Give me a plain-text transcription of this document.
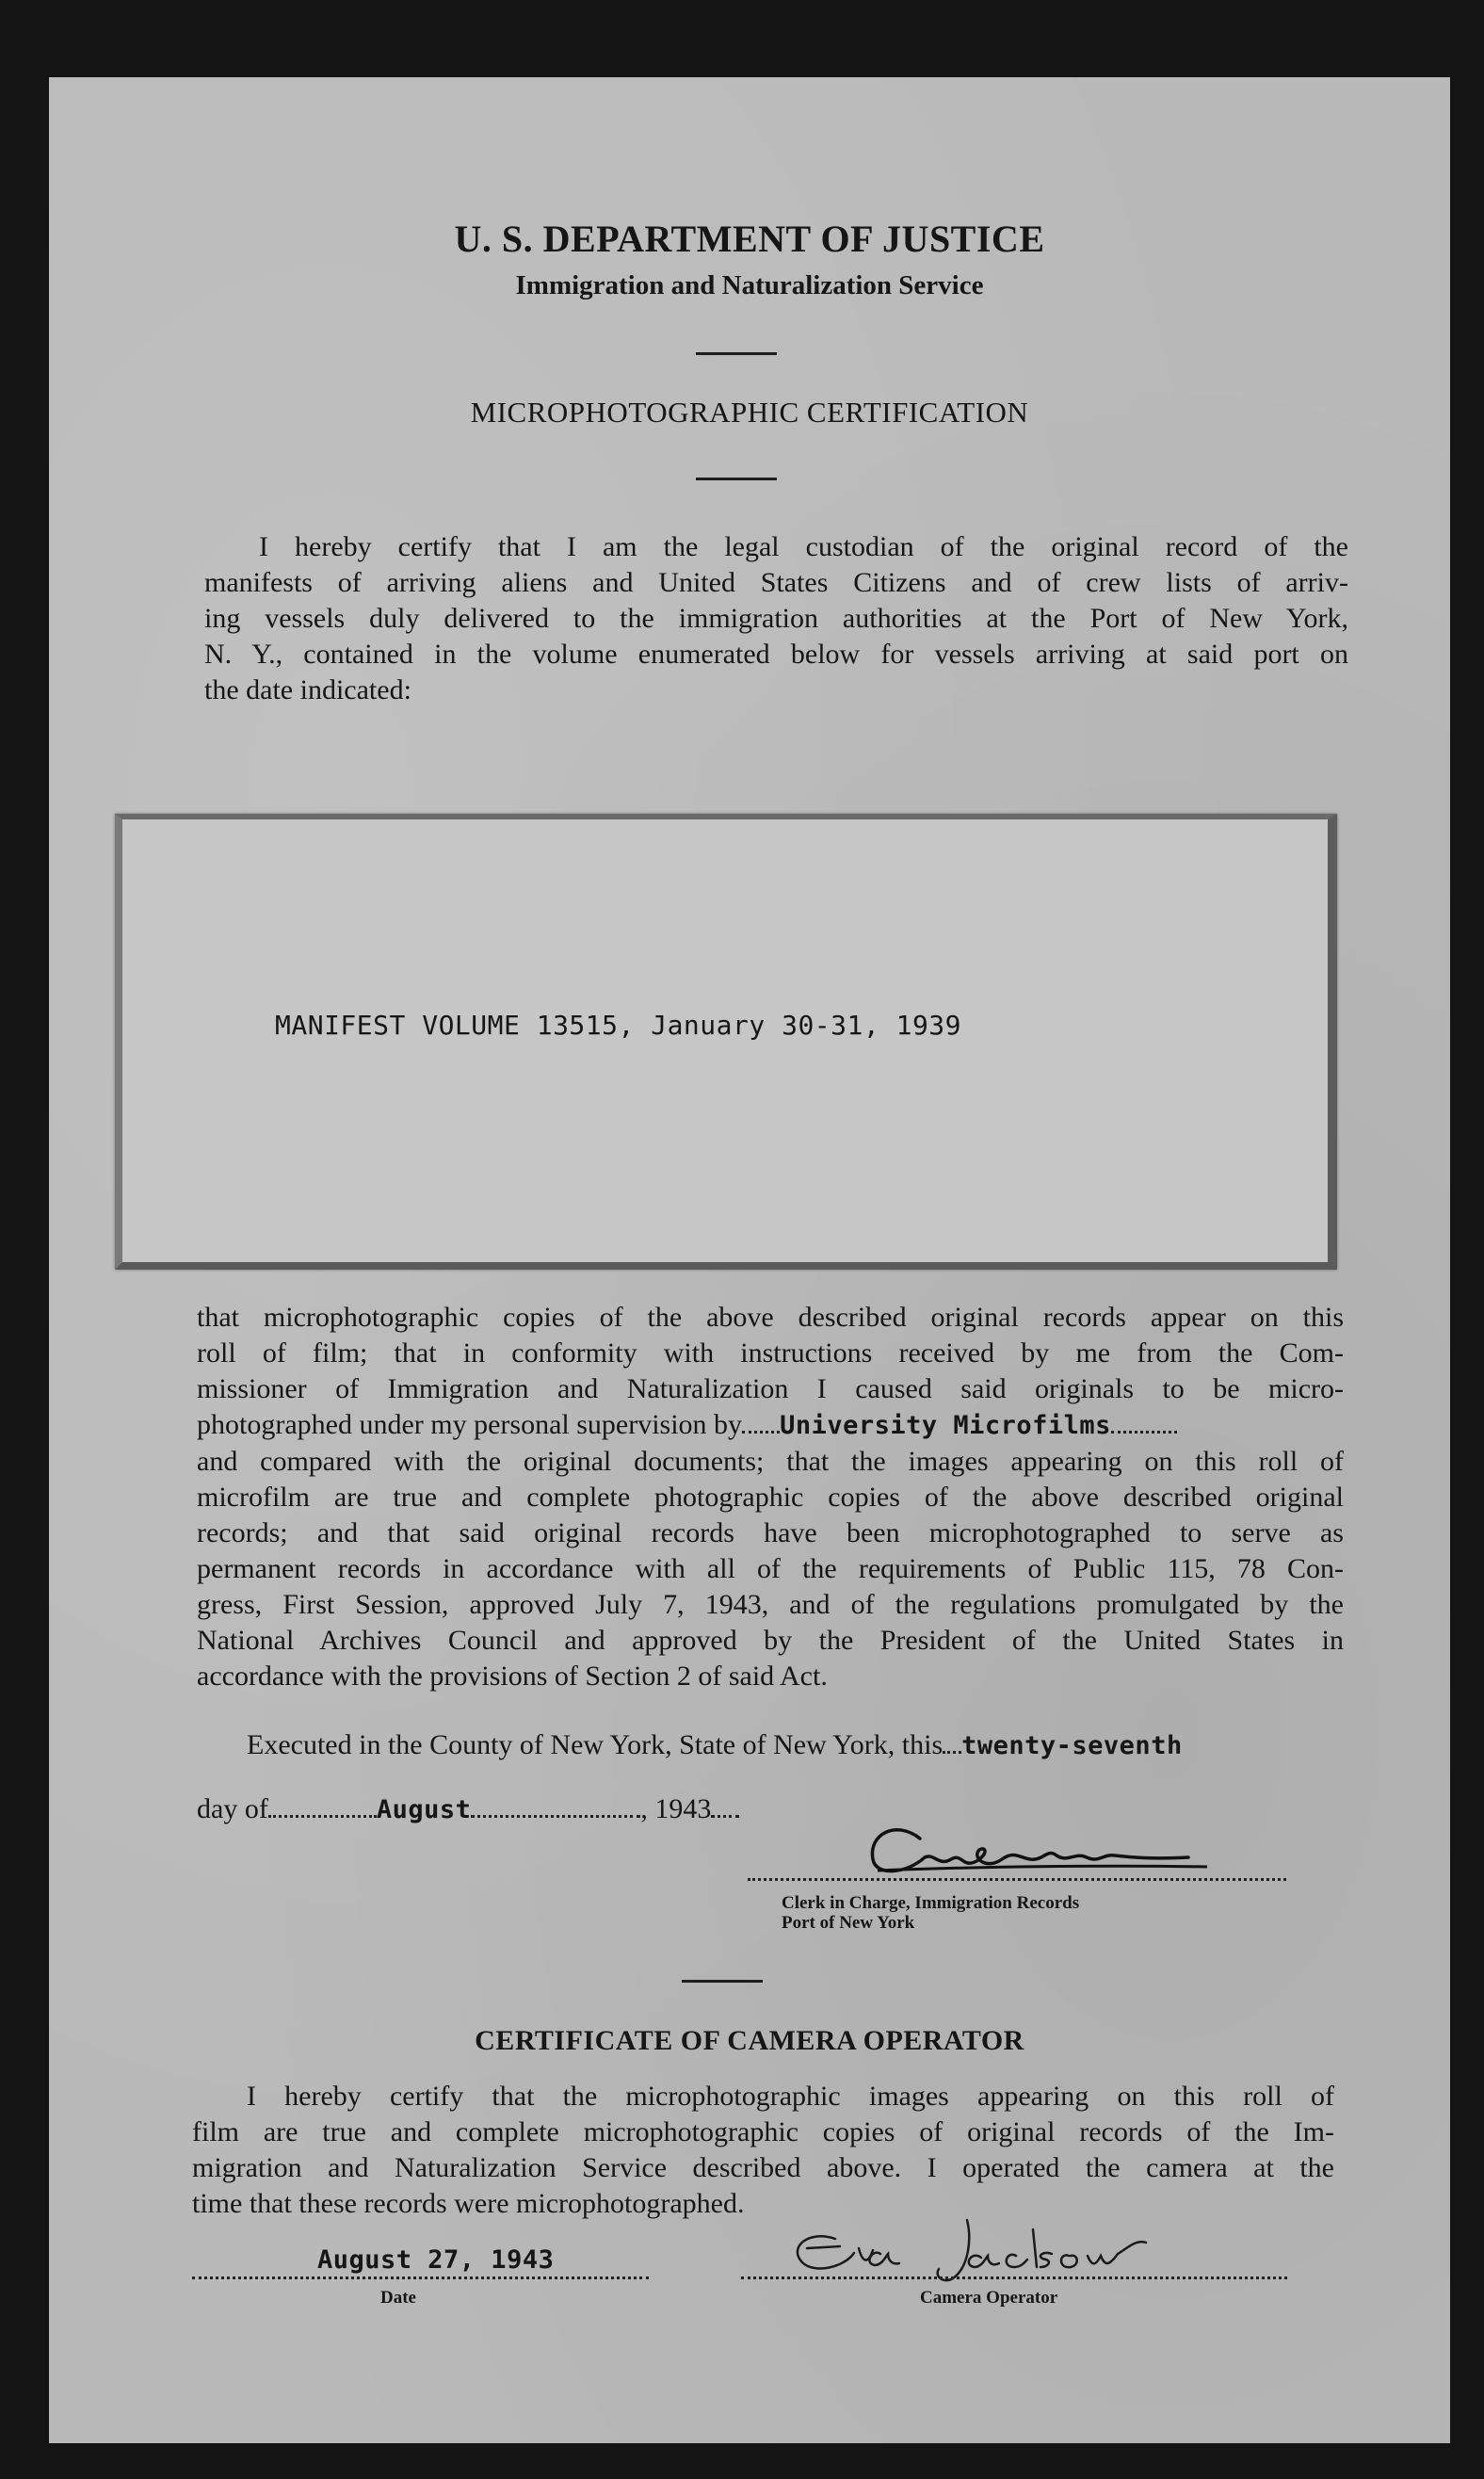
U. S. DEPARTMENT OF JUSTICE
Immigration and Naturalization Service
MICROPHOTOGRAPHIC CERTIFICATION
I hereby certify that I am the legal custodian of the original record of the
manifests of arriving aliens and United States Citizens and of crew lists of arriv-
ing vessels duly delivered to the immigration authorities at the Port of New York,
N. Y., contained in the volume enumerated below for vessels arriving at said port on
the date indicated:
MANIFEST VOLUME 13515, January 30-31, 1939
that microphotographic copies of the above described original records appear on this
roll of film; that in conformity with instructions received by me from the Com-
missioner of Immigration and Naturalization I caused said originals to be micro-
photographed under my personal supervision by University Microfilms
and compared with the original documents; that the images appearing on this roll of
microfilm are true and complete photographic copies of the above described original
records; and that said original records have been microphotographed to serve as
permanent records in accordance with all of the requirements of Public 115, 78 Con-
gress, First Session, approved July 7, 1943, and of the regulations promulgated by the
National Archives Council and approved by the President of the United States in
accordance with the provisions of Section 2 of said Act.
Executed in the County of New York, State of New York, this twenty-seventh
day of	August	, 1943
Clerk in Charge, Immigration Records
Port of New York
CERTIFICATE OF CAMERA OPERATOR
I hereby certify that the microphotographic images appearing on this roll of
film are true and complete microphotographic copies of original records of the Im-
migration and Naturalization Service described above. I operated the camera at the
time that these records were microphotographed.
August 27, 1943
Date	Camera Operator
